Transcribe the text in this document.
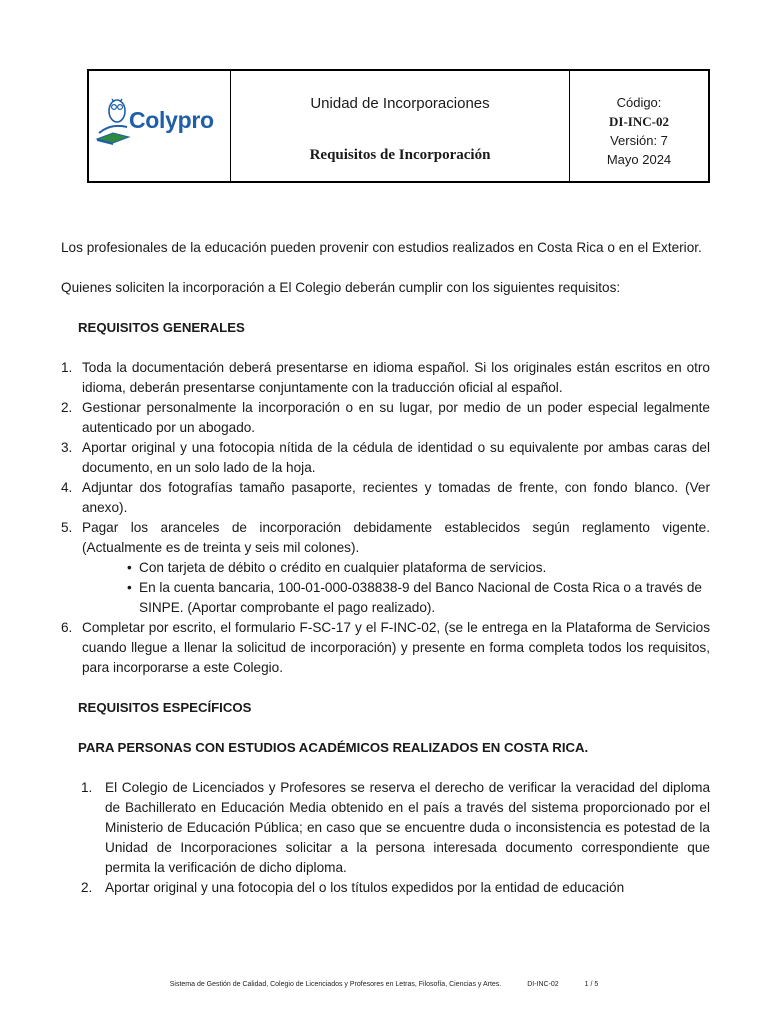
Colypro
Unidad de Incorporaciones
Requisitos de Incorporación
Código:
DI-INC-02
Versión: 7
Mayo 2024

Los profesionales de la educación pueden provenir con estudios realizados en Costa Rica o en el Exterior.

Quienes soliciten la incorporación a El Colegio deberán cumplir con los siguientes requisitos:

REQUISITOS GENERALES
1. Toda la documentación deberá presentarse en idioma español. Si los originales están escritos en otro idioma, deberán presentarse conjuntamente con la traducción oficial al español.
2. Gestionar personalmente la incorporación o en su lugar, por medio de un poder especial legalmente autenticado por un abogado.
3. Aportar original y una fotocopia nítida de la cédula de identidad o su equivalente por ambas caras del documento, en un solo lado de la hoja.
4. Adjuntar dos fotografías tamaño pasaporte, recientes y tomadas de frente, con fondo blanco. (Ver anexo).
5. Pagar los aranceles de incorporación debidamente establecidos según reglamento vigente. (Actualmente es de treinta y seis mil colones).
• Con tarjeta de débito o crédito en cualquier plataforma de servicios.
• En la cuenta bancaria, 100-01-000-038838-9 del Banco Nacional de Costa Rica o a través de SINPE. (Aportar comprobante el pago realizado).
6. Completar por escrito, el formulario F-SC-17 y el F-INC-02, (se le entrega en la Plataforma de Servicios cuando llegue a llenar la solicitud de incorporación) y presente en forma completa todos los requisitos, para incorporarse a este Colegio.
REQUISITOS ESPECÍFICOS
PARA PERSONAS CON ESTUDIOS ACADÉMICOS REALIZADOS EN COSTA RICA.
1. El Colegio de Licenciados y Profesores se reserva el derecho de verificar la veracidad del diploma de Bachillerato en Educación Media obtenido en el país a través del sistema proporcionado por el Ministerio de Educación Pública; en caso que se encuentre duda o inconsistencia es potestad de la Unidad de Incorporaciones solicitar a la persona interesada documento correspondiente que permita la verificación de dicho diploma.
2. Aportar original y una fotocopia del o los títulos expedidos por la entidad de educación
Sistema de Gestión de Calidad, Colegio de Licenciados y Profesores en Letras, Filosofía, Ciencias y Artes.	DI-INC-02	1 / 5
